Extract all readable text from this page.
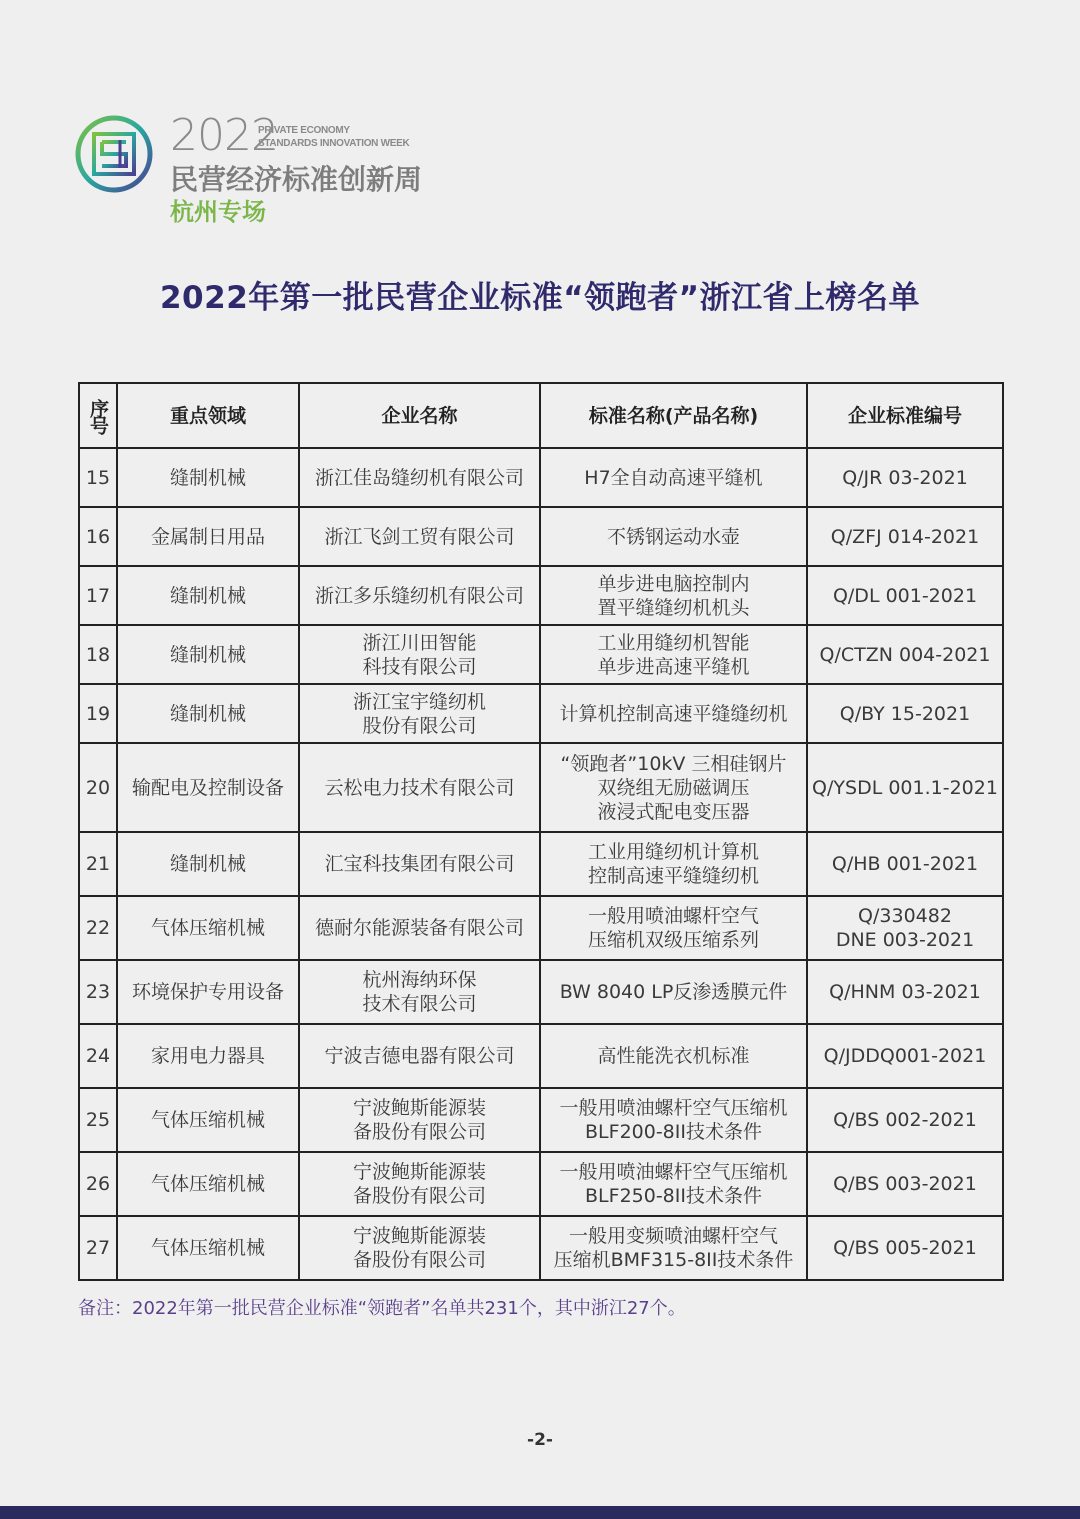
2022
PRIVATE ECONOMY
STANDARDS INNOVATION WEEK
民营经济标准创新周
杭州专场
2022年第一批民营企业标准“领跑者”浙江省上榜名单
序号	重点领域	企业名称	标准名称(产品名称)	企业标准编号
15	缝制机械	浙江佳岛缝纫机有限公司	H7全自动高速平缝机	Q/JR 03-2021
16	金属制日用品	浙江飞剑工贸有限公司	不锈钢运动水壶	Q/ZFJ 014-2021
17	缝制机械	浙江多乐缝纫机有限公司	单步进电脑控制内
置平缝缝纫机机头	Q/DL 001-2021
18	缝制机械	浙江川田智能
科技有限公司	工业用缝纫机智能
单步进高速平缝机	Q/CTZN 004-2021
19	缝制机械	浙江宝宇缝纫机
股份有限公司	计算机控制高速平缝缝纫机	Q/BY 15-2021
20	输配电及控制设备	云松电力技术有限公司	“领跑者”10kV 三相硅钢片
双绕组无励磁调压
液浸式配电变压器	Q/YSDL 001.1-2021
21	缝制机械	汇宝科技集团有限公司	工业用缝纫机计算机
控制高速平缝缝纫机	Q/HB 001-2021
22	气体压缩机械	德耐尔能源装备有限公司	一般用喷油螺杆空气
压缩机双级压缩系列	Q/330482
DNE 003-2021
23	环境保护专用设备	杭州海纳环保
技术有限公司	BW 8040 LP反渗透膜元件	Q/HNM 03-2021
24	家用电力器具	宁波吉德电器有限公司	高性能洗衣机标准	Q/JDDQ001-2021
25	气体压缩机械	宁波鲍斯能源装
备股份有限公司	一般用喷油螺杆空气压缩机
BLF200-8II技术条件	Q/BS 002-2021
26	气体压缩机械	宁波鲍斯能源装
备股份有限公司	一般用喷油螺杆空气压缩机
BLF250-8II技术条件	Q/BS 003-2021
27	气体压缩机械	宁波鲍斯能源装
备股份有限公司	一般用变频喷油螺杆空气
压缩机BMF315-8II技术条件	Q/BS 005-2021
备注：2022年第一批民营企业标准“领跑者”名单共231个，其中浙江27个。
-2-
